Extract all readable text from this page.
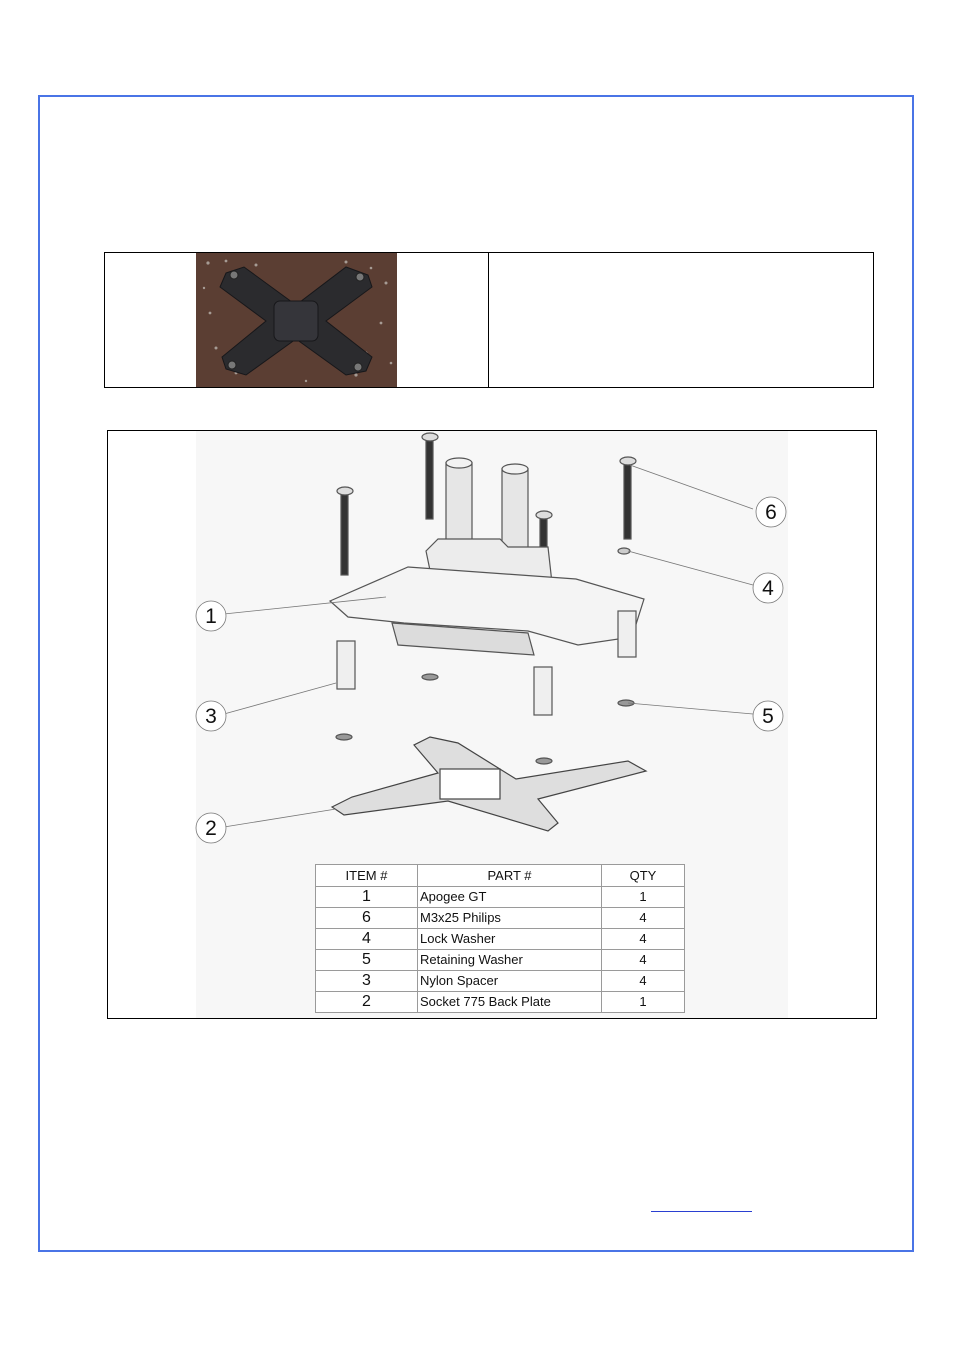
1
2
3
4
5
6
ITEM #	PART #	QTY
1	Apogee GT	1
6	M3x25 Philips	4
4	Lock Washer	4
5	Retaining Washer	4
3	Nylon Spacer	4
2	Socket 775 Back Plate	1
